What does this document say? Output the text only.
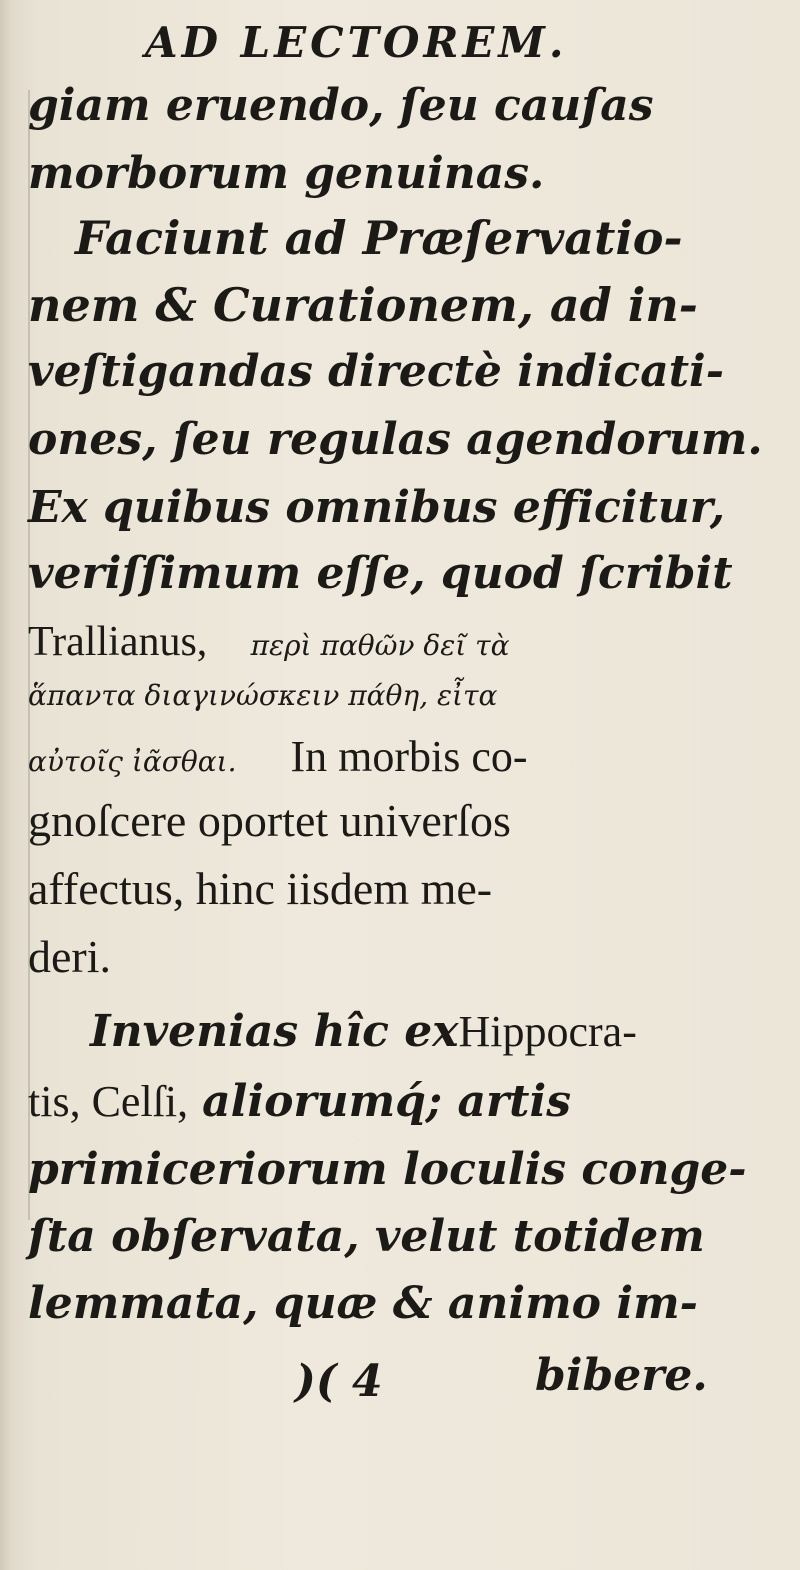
AD LECTOREM.
giam eruendo, ſeu cauſas
morborum genuinas.
Faciunt ad Præſervatio-
nem & Curationem, ad in-
veſtigandas directè indicati-
ones, ſeu regulas agendorum.
Ex quibus omnibus efficitur,
veriſſimum eſſe, quod ſcribit
Trallianus, περὶ παθῶν δεῖ τὰ
ἅπαντα διαγινώσκειν πάθη, εἶτα
αὐτοῖς ἰᾶσθαι. In morbis co-
gnoſcere oportet univerſos
affectus, hinc iisdem me-
deri.
Invenias hîc exHippocra-
tis, Celſi, aliorumq́; artis
primiceriorum loculis conge-
ſta obſervata, velut totidem
lemmata, quæ & animo im-
)( 4	bibere.
